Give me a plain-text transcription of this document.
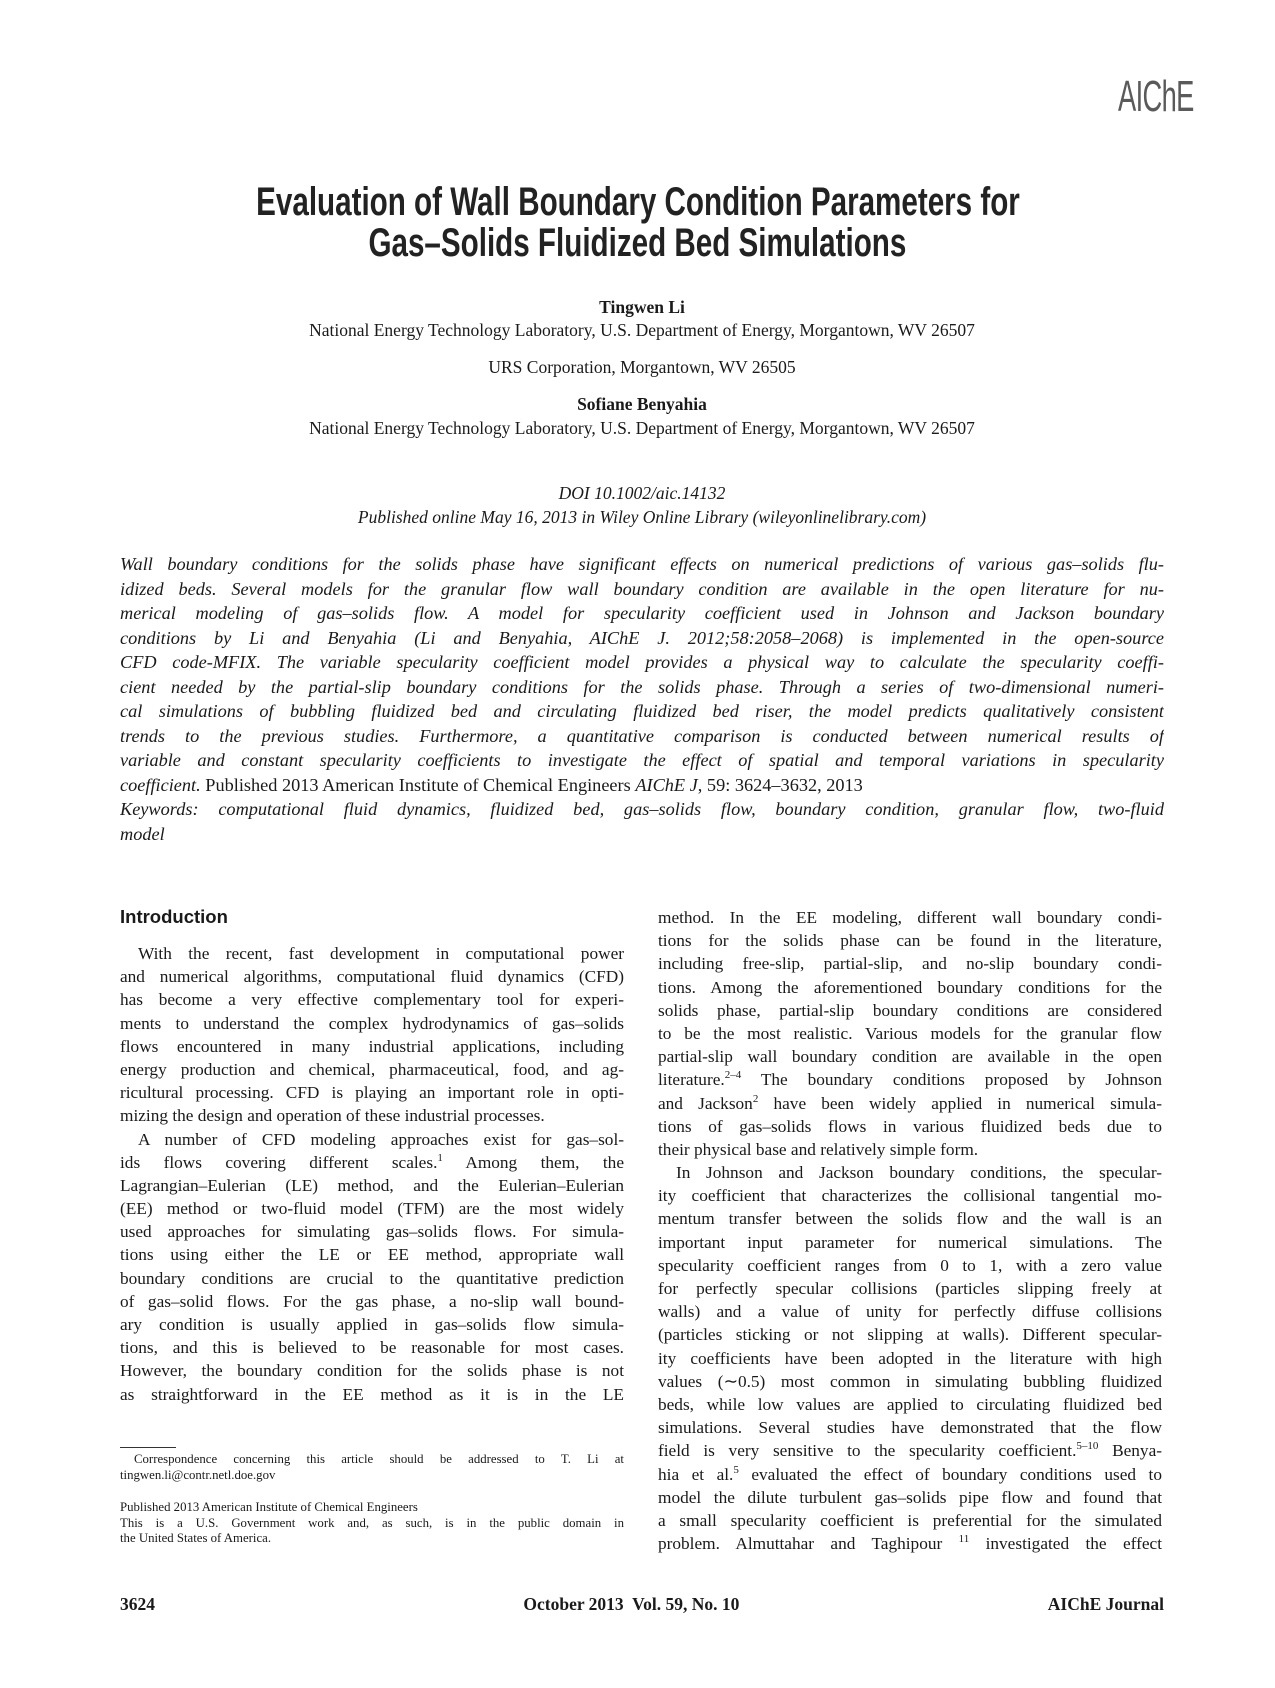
AIChE
Evaluation of Wall Boundary Condition Parameters for
Gas–Solids Fluidized Bed Simulations
Tingwen Li
National Energy Technology Laboratory, U.S. Department of Energy, Morgantown, WV 26507
URS Corporation, Morgantown, WV 26505
Sofiane Benyahia
National Energy Technology Laboratory, U.S. Department of Energy, Morgantown, WV 26507
DOI 10.1002/aic.14132
Published online May 16, 2013 in Wiley Online Library (wileyonlinelibrary.com)
Wall boundary conditions for the solids phase have significant effects on numerical predictions of various gas–solids flu-
idized beds. Several models for the granular flow wall boundary condition are available in the open literature for nu-
merical modeling of gas–solids flow. A model for specularity coefficient used in Johnson and Jackson boundary
conditions by Li and Benyahia (Li and Benyahia, AIChE J. 2012;58:2058–2068) is implemented in the open-source
CFD code-MFIX. The variable specularity coefficient model provides a physical way to calculate the specularity coeffi-
cient needed by the partial-slip boundary conditions for the solids phase. Through a series of two-dimensional numeri-
cal simulations of bubbling fluidized bed and circulating fluidized bed riser, the model predicts qualitatively consistent
trends to the previous studies. Furthermore, a quantitative comparison is conducted between numerical results of
variable and constant specularity coefficients to investigate the effect of spatial and temporal variations in specularity
coefficient. Published 2013 American Institute of Chemical Engineers AIChE J, 59: 3624–3632, 2013
Keywords: computational fluid dynamics, fluidized bed, gas–solids flow, boundary condition, granular flow, two-fluid
model
Introduction
With the recent, fast development in computational power
and numerical algorithms, computational fluid dynamics (CFD)
has become a very effective complementary tool for experi-
ments to understand the complex hydrodynamics of gas–solids
flows encountered in many industrial applications, including
energy production and chemical, pharmaceutical, food, and ag-
ricultural processing. CFD is playing an important role in opti-
mizing the design and operation of these industrial processes.
A number of CFD modeling approaches exist for gas–sol-
ids flows covering different scales.$^1$ Among them, the
Lagrangian–Eulerian (LE) method, and the Eulerian–Eulerian
(EE) method or two-fluid model (TFM) are the most widely
used approaches for simulating gas–solids flows. For simula-
tions using either the LE or EE method, appropriate wall
boundary conditions are crucial to the quantitative prediction
of gas–solid flows. For the gas phase, a no-slip wall bound-
ary condition is usually applied in gas–solids flow simula-
tions, and this is believed to be reasonable for most cases.
However, the boundary condition for the solids phase is not
as straightforward in the EE method as it is in the LE
method. In the EE modeling, different wall boundary condi-
tions for the solids phase can be found in the literature,
including free-slip, partial-slip, and no-slip boundary condi-
tions. Among the aforementioned boundary conditions for the
solids phase, partial-slip boundary conditions are considered
to be the most realistic. Various models for the granular flow
partial-slip wall boundary condition are available in the open
literature.$^{2-4}$ The boundary conditions proposed by Johnson
and Jackson$^2$ have been widely applied in numerical simula-
tions of gas–solids flows in various fluidized beds due to
their physical base and relatively simple form.
In Johnson and Jackson boundary conditions, the specular-
ity coefficient that characterizes the collisional tangential mo-
mentum transfer between the solids flow and the wall is an
important input parameter for numerical simulations. The
specularity coefficient ranges from 0 to 1, with a zero value
for perfectly specular collisions (particles slipping freely at
walls) and a value of unity for perfectly diffuse collisions
(particles sticking or not slipping at walls). Different specular-
ity coefficients have been adopted in the literature with high
values (∼0.5) most common in simulating bubbling fluidized
beds, while low values are applied to circulating fluidized bed
simulations. Several studies have demonstrated that the flow
field is very sensitive to the specularity coefficient.$^{5-10}$ Benya-
hia et al.$^5$ evaluated the effect of boundary conditions used to
model the dilute turbulent gas–solids pipe flow and found that
a small specularity coefficient is preferential for the simulated
problem. Almuttahar and Taghipour $^{11}$ investigated the effect
Correspondence concerning this article should be addressed to T. Li at
tingwen.li@contr.netl.doe.gov
Published 2013 American Institute of Chemical Engineers
This is a U.S. Government work and, as such, is in the public domain in
the United States of America.
3624	October 2013  Vol. 59, No. 10	AIChE Journal
